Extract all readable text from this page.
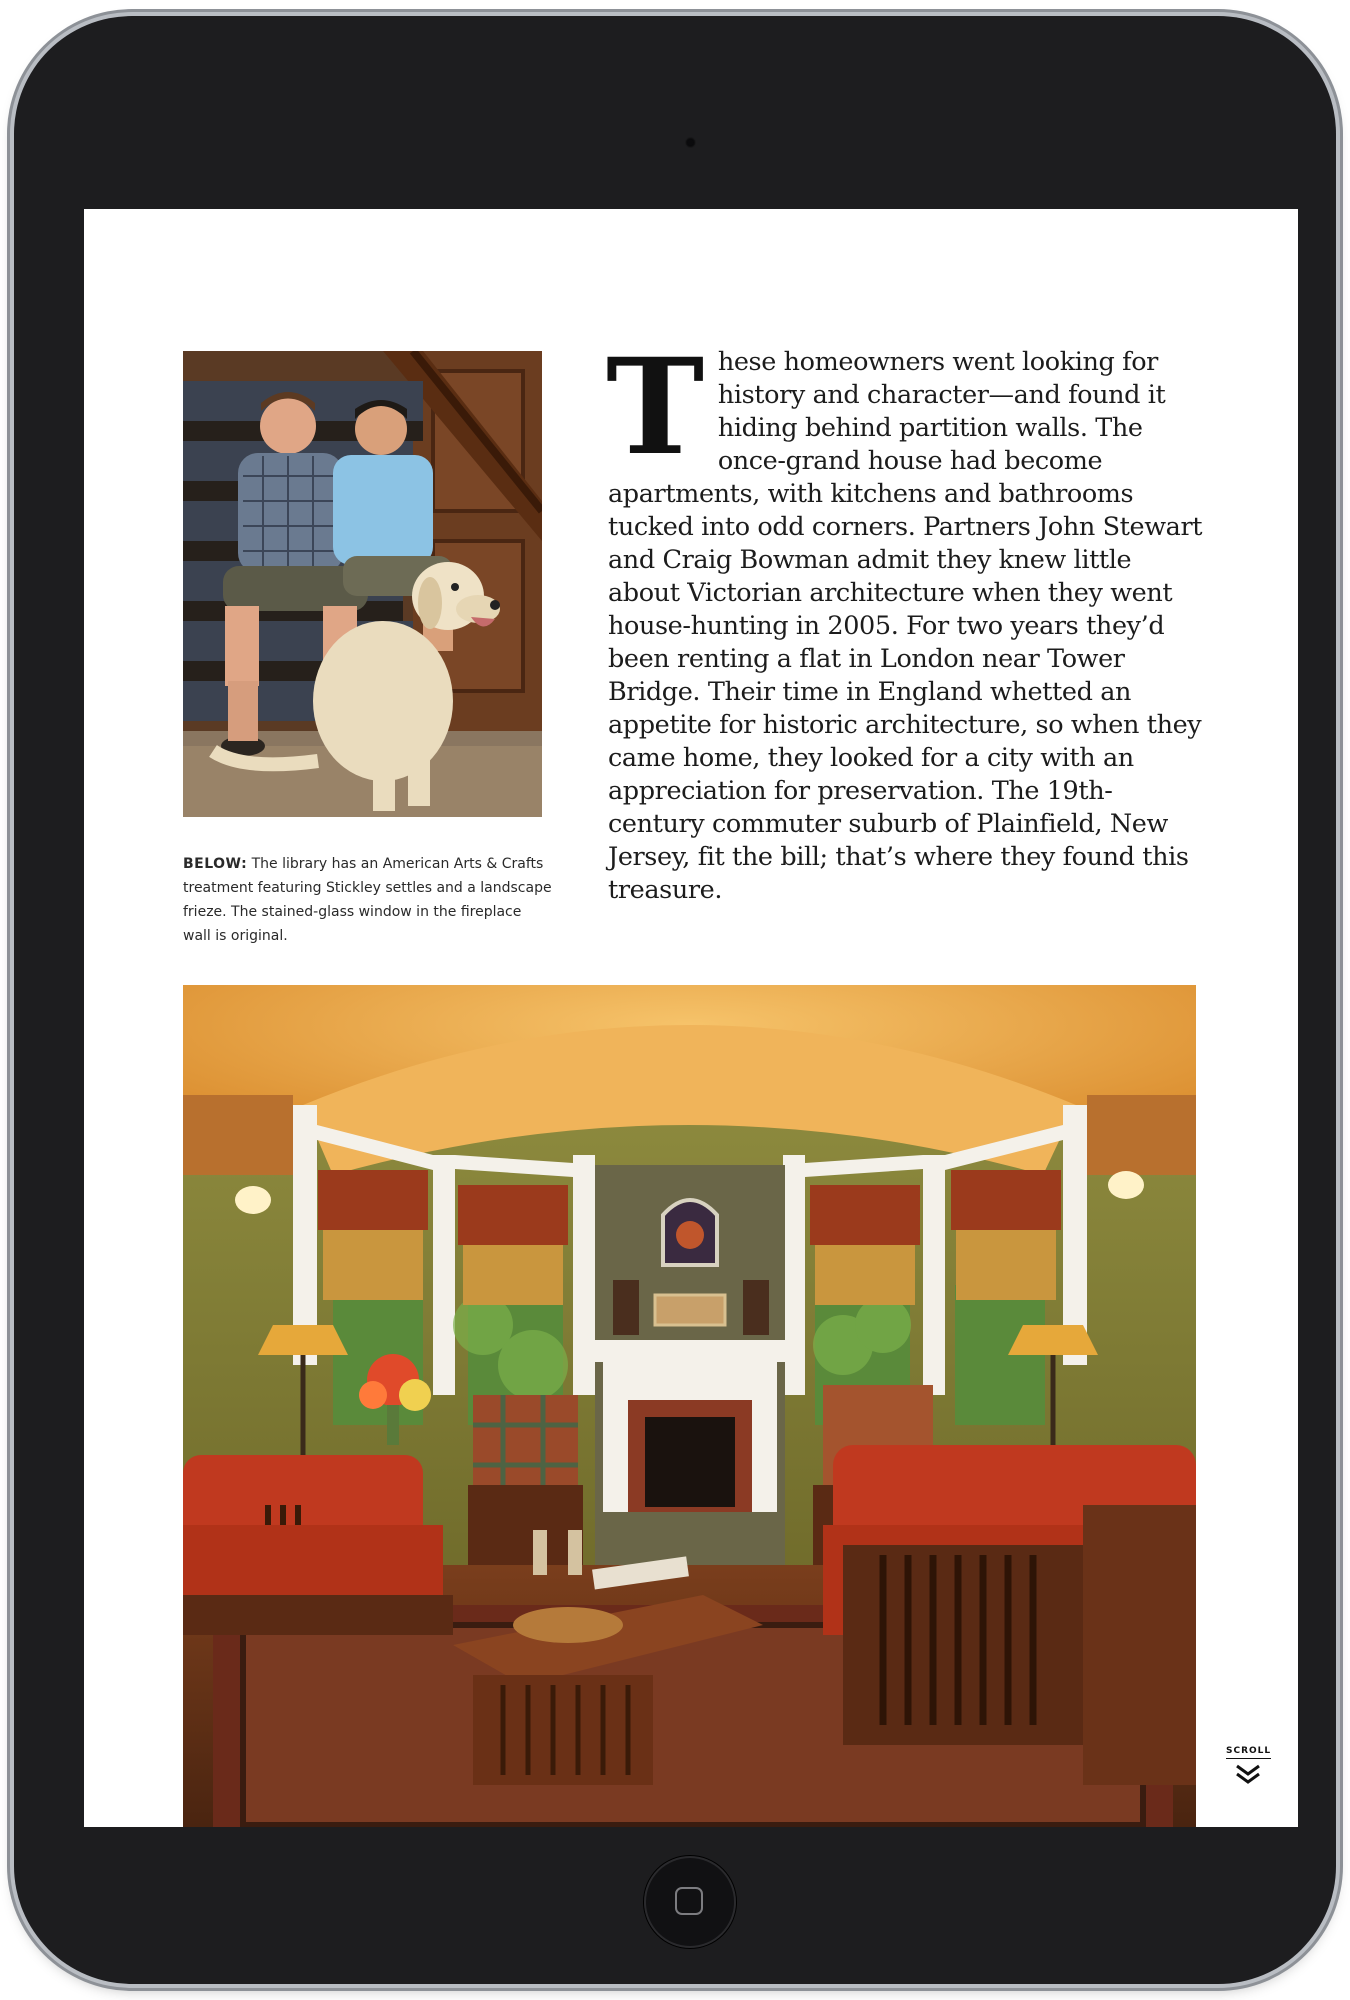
BELOW: The library has an American Arts & Crafts treatment featuring Stickley settles and a landscape frieze. The stained-glass window in the fireplace wall is original.
These homeowners went looking for history and character—and found it hiding behind partition walls. The once-grand house had become apartments, with kitchens and bathrooms tucked into odd corners. Partners John Stewart and Craig Bowman admit they knew little about Victorian architecture when they went house-hunting in 2005. For two years they’d been renting a flat in London near Tower Bridge. Their time in England whetted an appetite for historic architecture, so when they came home, they looked for a city with an appreciation for preservation. The 19th-century commuter suburb of Plainfield, New Jersey, fit the bill; that’s where they found this treasure.
SCROLL
